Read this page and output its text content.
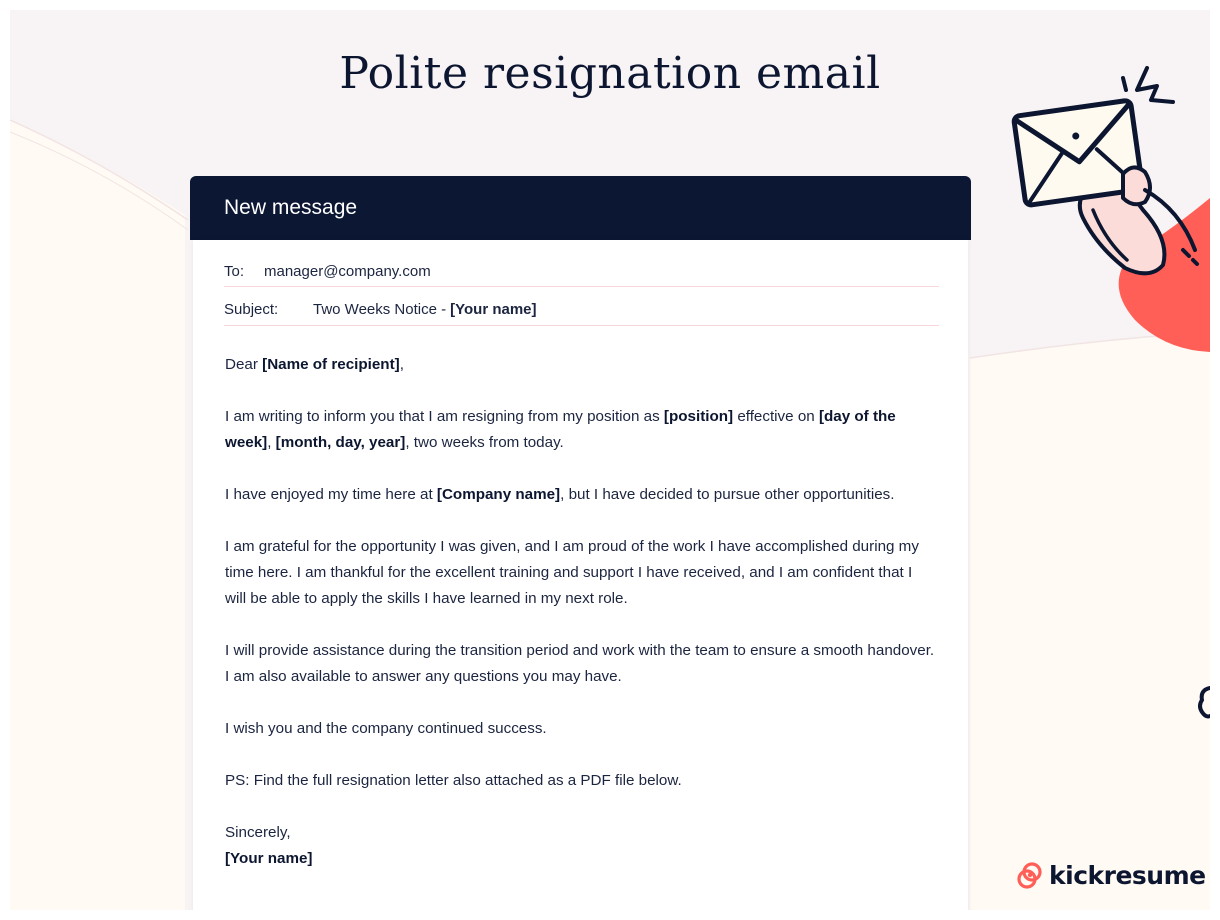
Polite resignation email
New message
To:	manager@company.com
Subject:	Two Weeks Notice - [Your name]

Dear [Name of recipient],

I am writing to inform you that I am resigning from my position as [position] effective on [day of the week], [month, day, year], two weeks from today.

I have enjoyed my time here at [Company name], but I have decided to pursue other opportunities.

I am grateful for the opportunity I was given, and I am proud of the work I have accomplished during my time here. I am thankful for the excellent training and support I have received, and I am confident that I will be able to apply the skills I have learned in my next role.

I will provide assistance during the transition period and work with the team to ensure a smooth handover. I am also available to answer any questions you may have.

I wish you and the company continued success.

PS: Find the full resignation letter also attached as a PDF file below.

Sincerely,
[Your name]

kickresume
